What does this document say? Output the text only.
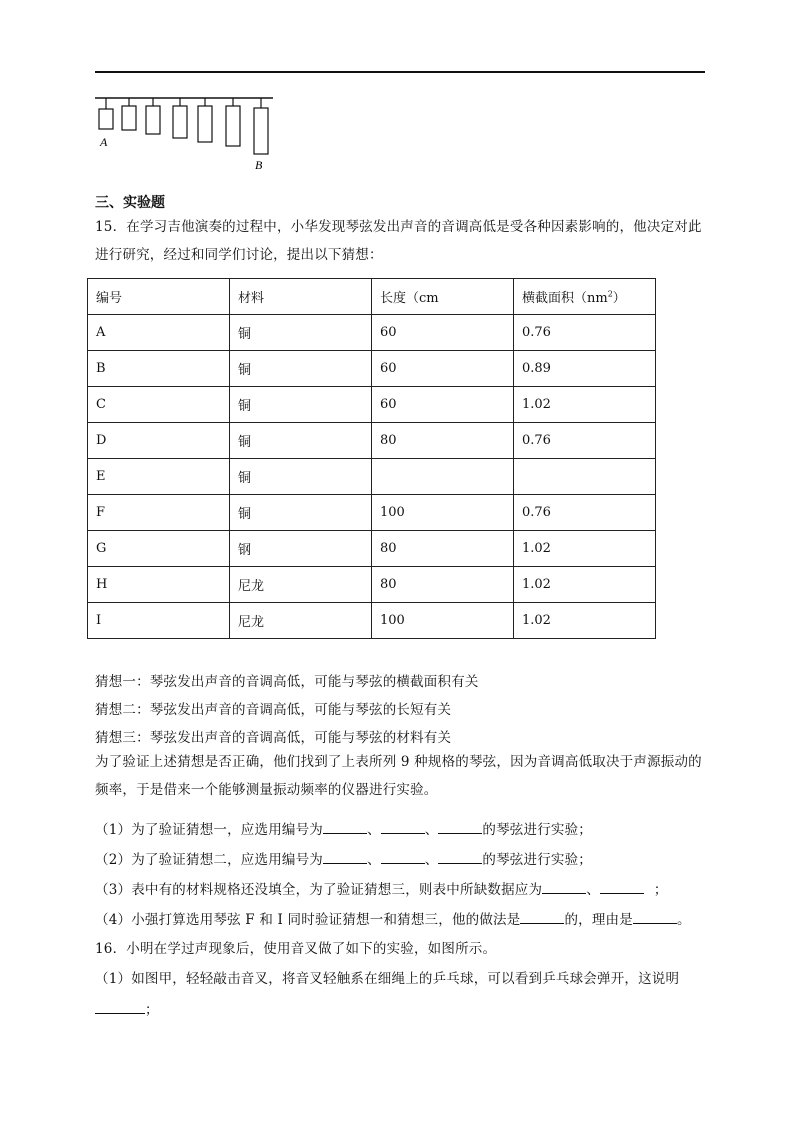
A
B
三、实验题
15．在学习吉他演奏的过程中，小华发现琴弦发出声音的音调高低是受各种因素影响的，他决定对此进行研究，经过和同学们讨论，提出以下猜想：
编号	材料	长度（cm	横截面积$(nm^2)$
A	铜	60	0.76
B	铜	60	0.89
C	铜	60	1.02
D	铜	80	0.76
E	铜		
F	铜	100	0.76
G	钢	80	1.02
H	尼龙	80	1.02
I	尼龙	100	1.02
猜想一：琴弦发出声音的音调高低，可能与琴弦的横截面积有关
猜想二：琴弦发出声音的音调高低，可能与琴弦的长短有关
猜想三：琴弦发出声音的音调高低，可能与琴弦的材料有关
为了验证上述猜想是否正确，他们找到了上表所列 9 种规格的琴弦，因为音调高低取决于声源振动的频率，于是借来一个能够测量振动频率的仪器进行实验。
（1）为了验证猜想一，应选用编号为	、	、	的琴弦进行实验；
（2）为了验证猜想二，应选用编号为	、	、	的琴弦进行实验；
（3）表中有的材料规格还没填全，为了验证猜想三，则表中所缺数据应为	、	；
（4）小强打算选用琴弦 F 和 I 同时验证猜想一和猜想三，他的做法是	的，理由是	。
16．小明在学过声现象后，使用音叉做了如下的实验，如图所示。
（1）如图甲，轻轻敲击音叉，将音叉轻触系在细绳上的乒乓球，可以看到乒乓球会弹开，这说明
；
